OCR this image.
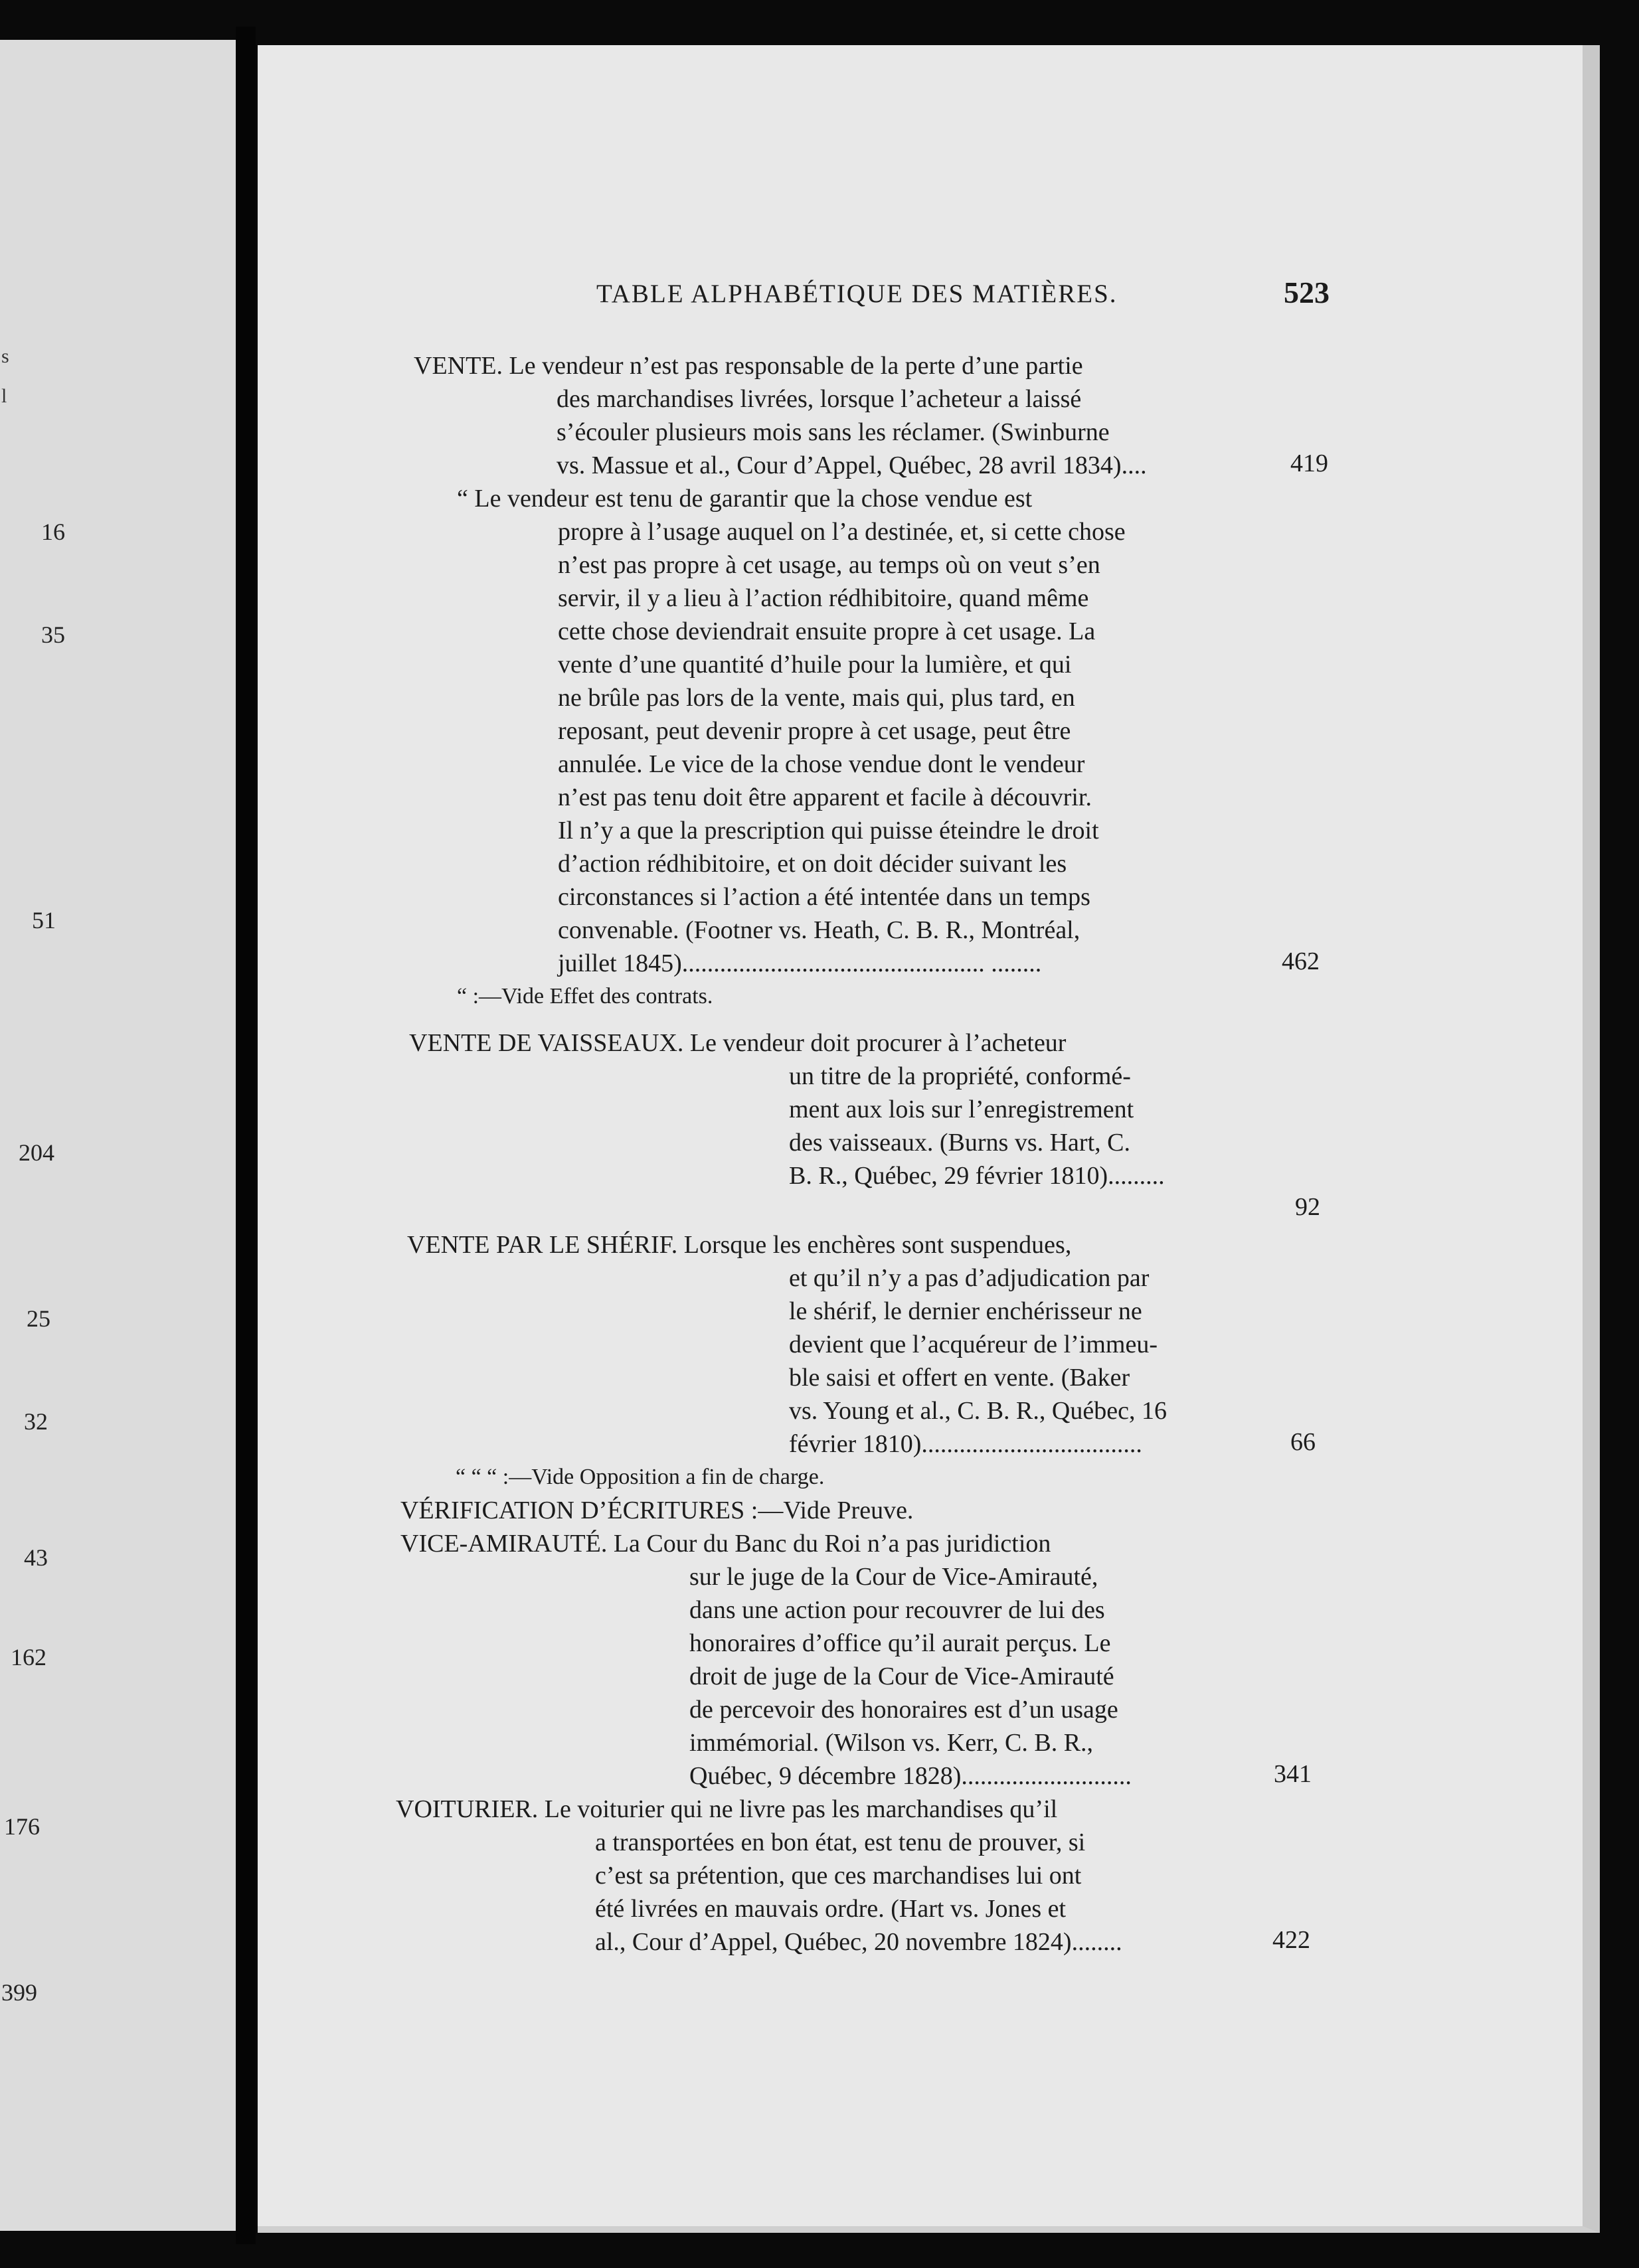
s
l
16
35
51
204
25
32
43
162
176
399
TABLE ALPHABÉTIQUE DES MATIÈRES.	523
VENTE. Le vendeur n’est pas responsable de la perte d’une partie
des marchandises livrées, lorsque l’acheteur a laissé
s’écouler plusieurs mois sans les réclamer. (Swinburne
vs. Massue et al., Cour d’Appel, Québec, 28 avril 1834)....	419
“ Le vendeur est tenu de garantir que la chose vendue est
propre à l’usage auquel on l’a destinée, et, si cette chose
n’est pas propre à cet usage, au temps où on veut s’en
servir, il y a lieu à l’action rédhibitoire, quand même
cette chose deviendrait ensuite propre à cet usage. La
vente d’une quantité d’huile pour la lumière, et qui
ne brûle pas lors de la vente, mais qui, plus tard, en
reposant, peut devenir propre à cet usage, peut être
annulée. Le vice de la chose vendue dont le vendeur
n’est pas tenu doit être apparent et facile à découvrir.
Il n’y a que la prescription qui puisse éteindre le droit
d’action rédhibitoire, et on doit décider suivant les
circonstances si l’action a été intentée dans un temps
convenable. (Footner vs. Heath, C. B. R., Montréal,
juillet 1845)................................................ ........	462
“ :—Vide Effet des contrats.
VENTE DE VAISSEAUX. Le vendeur doit procurer à l’acheteur
un titre de la propriété, conformé-
ment aux lois sur l’enregistrement
des vaisseaux. (Burns vs. Hart, C.
B. R., Québec, 29 février 1810).........
92
VENTE PAR LE SHÉRIF. Lorsque les enchères sont suspendues,
et qu’il n’y a pas d’adjudication par
le shérif, le dernier enchérisseur ne
devient que l’acquéreur de l’immeu-
ble saisi et offert en vente. (Baker
vs. Young et al., C. B. R., Québec, 16
février 1810)...................................	66
“ “ “ :—Vide Opposition a fin de charge.
VÉRIFICATION D’ÉCRITURES :—Vide Preuve.
VICE-AMIRAUTÉ. La Cour du Banc du Roi n’a pas juridiction
sur le juge de la Cour de Vice-Amirauté,
dans une action pour recouvrer de lui des
honoraires d’office qu’il aurait perçus. Le
droit de juge de la Cour de Vice-Amirauté
de percevoir des honoraires est d’un usage
immémorial. (Wilson vs. Kerr, C. B. R.,
Québec, 9 décembre 1828)...........................	341
VOITURIER. Le voiturier qui ne livre pas les marchandises qu’il
a transportées en bon état, est tenu de prouver, si
c’est sa prétention, que ces marchandises lui ont
été livrées en mauvais ordre. (Hart vs. Jones et
al., Cour d’Appel, Québec, 20 novembre 1824)........	422
